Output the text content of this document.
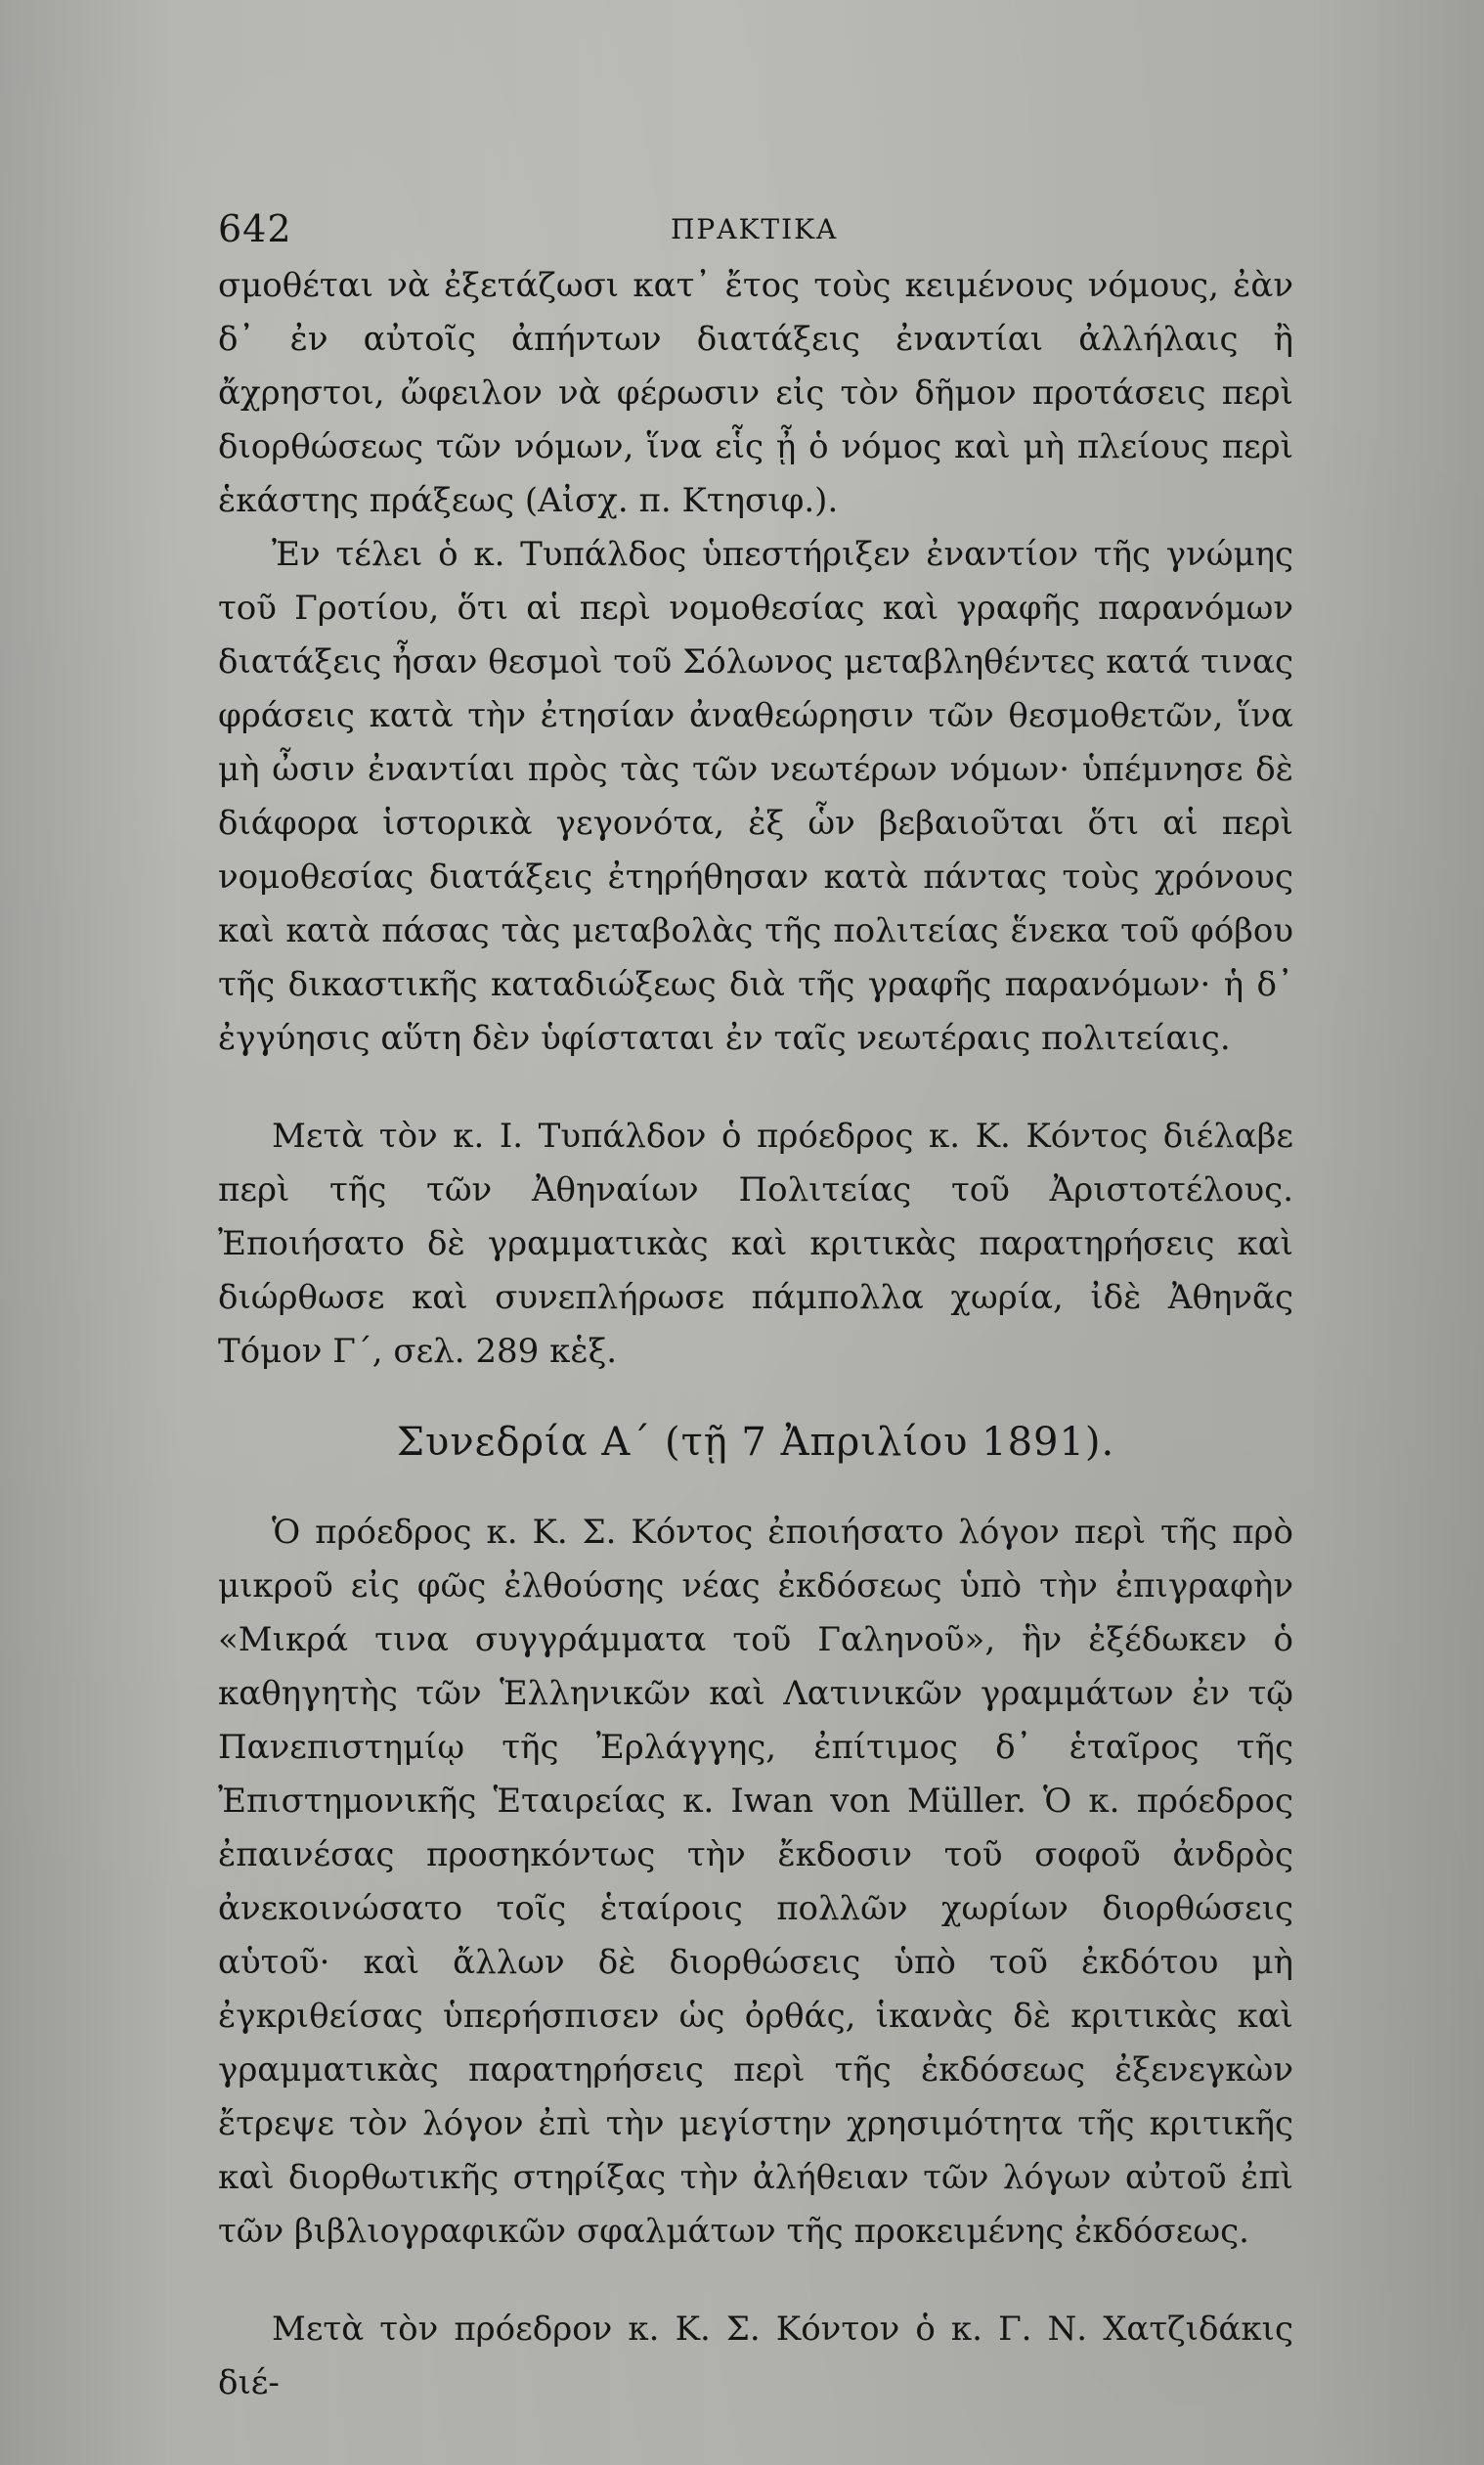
642	ΠΡΑΚΤΙΚΑ

σμοθέται νὰ ἐξετάζωσι κατ᾽ ἔτος τοὺς κειμένους νόμους, ἐὰν δ᾽ ἐν αὐτοῖς ἀπήντων διατάξεις ἐναντίαι ἀλλήλαις ἢ ἄχρηστοι, ὤφειλον νὰ φέρωσιν εἰς τὸν δῆμον προτάσεις περὶ διορθώσεως τῶν νόμων, ἵνα εἷς ᾖ ὁ νόμος καὶ μὴ πλείους περὶ ἑκάστης πράξεως (Αἰσχ. π. Κτησιφ.).

Ἐν τέλει ὁ κ. Τυπάλδος ὑπεστήριξεν ἐναντίον τῆς γνώμης τοῦ Γροτίου, ὅτι αἱ περὶ νομοθεσίας καὶ γραφῆς παρανόμων διατάξεις ἦσαν θεσμοὶ τοῦ Σόλωνος μεταβληθέντες κατά τινας φράσεις κατὰ τὴν ἐτησίαν ἀναθεώρησιν τῶν θεσμοθετῶν, ἵνα μὴ ὦσιν ἐναντίαι πρὸς τὰς τῶν νεωτέρων νόμων· ὑπέμνησε δὲ διάφορα ἱστορικὰ γεγονότα, ἐξ ὧν βεβαιοῦται ὅτι αἱ περὶ νομοθεσίας διατάξεις ἐτηρήθησαν κατὰ πάντας τοὺς χρόνους καὶ κατὰ πάσας τὰς μεταβολὰς τῆς πολιτείας ἕνεκα τοῦ φόβου τῆς δικαστικῆς καταδιώξεως διὰ τῆς γραφῆς παρανόμων· ἡ δ᾽ ἐγγύησις αὕτη δὲν ὑφίσταται ἐν ταῖς νεωτέραις πολιτείαις.

Μετὰ τὸν κ. Ι. Τυπάλδον ὁ πρόεδρος κ. Κ. Κόντος διέλαβε περὶ τῆς τῶν Ἀθηναίων Πολιτείας τοῦ Ἀριστοτέλους. Ἐποιήσατο δὲ γραμματικὰς καὶ κριτικὰς παρατηρήσεις καὶ διώρθωσε καὶ συνεπλήρωσε πάμπολλα χωρία, ἰδὲ Ἀθηνᾶς Τόμον Γ´, σελ. 289 κἑξ.

Συνεδρία Α´ (τῇ 7 Ἀπριλίου 1891).

Ὁ πρόεδρος κ. Κ. Σ. Κόντος ἐποιήσατο λόγον περὶ τῆς πρὸ μικροῦ εἰς φῶς ἐλθούσης νέας ἐκδόσεως ὑπὸ τὴν ἐπιγραφὴν «Μικρά τινα συγγράμματα τοῦ Γαληνοῦ», ἣν ἐξέδωκεν ὁ καθηγητὴς τῶν Ἑλληνικῶν καὶ Λατινικῶν γραμμάτων ἐν τῷ Πανεπιστημίῳ τῆς Ἐρλάγγης, ἐπίτιμος δ᾽ ἑταῖρος τῆς Ἐπιστημονικῆς Ἑταιρείας κ. Iwan von Müller. Ὁ κ. πρόεδρος ἐπαινέσας προσηκόντως τὴν ἔκδοσιν τοῦ σοφοῦ ἀνδρὸς ἀνεκοινώσατο τοῖς ἑταίροις πολλῶν χωρίων διορθώσεις αὑτοῦ· καὶ ἄλλων δὲ διορθώσεις ὑπὸ τοῦ ἐκδότου μὴ ἐγκριθείσας ὑπερήσπισεν ὡς ὀρθάς, ἱκανὰς δὲ κριτικὰς καὶ γραμματικὰς παρατηρήσεις περὶ τῆς ἐκδόσεως ἐξενεγκὼν ἔτρεψε τὸν λόγον ἐπὶ τὴν μεγίστην χρησιμότητα τῆς κριτικῆς καὶ διορθωτικῆς στηρίξας τὴν ἀλήθειαν τῶν λόγων αὐτοῦ ἐπὶ τῶν βιβλιογραφικῶν σφαλμάτων τῆς προκειμένης ἐκδόσεως.

Μετὰ τὸν πρόεδρον κ. Κ. Σ. Κόντον ὁ κ. Γ. Ν. Χατζιδάκις διέ-
